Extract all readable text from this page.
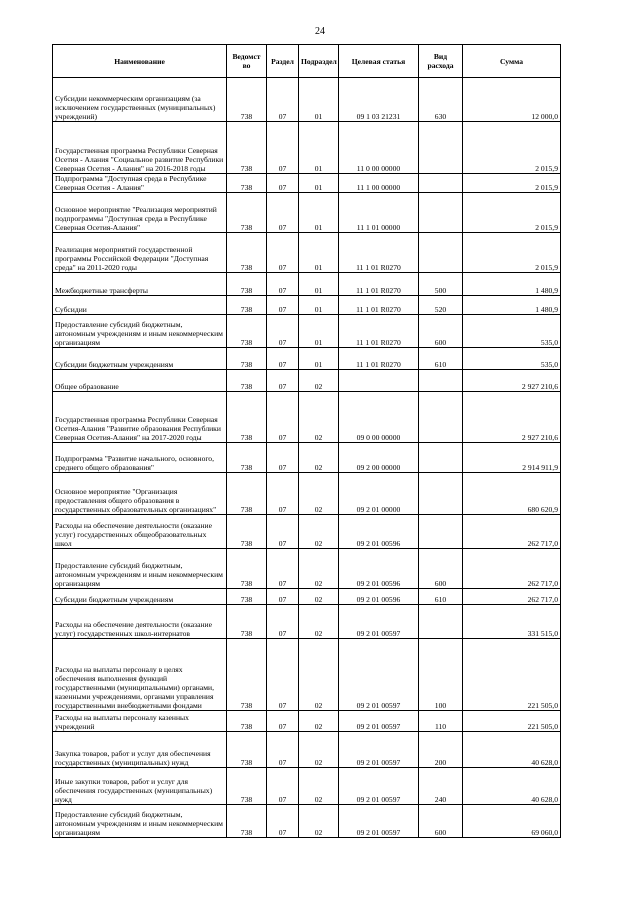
24
Наименование	Ведомст во	Раздел	Подраздел	Целевая статья	Вид расхода	Сумма
Субсидии некоммерческим организациям (за исключением государственных (муниципальных) учреждений)	738	07	01	09 1 03 21231	630	12 000,0
Государственная программа Республики Северная Осетия - Алания "Социальное развитие Республики Северная Осетия - Алания" на 2016-2018 годы	738	07	01	11 0 00 00000		2 015,9
Подпрограмма "Доступная среда в Республике Северная Осетия - Алания"	738	07	01	11 1 00 00000		2 015,9
Основное мероприятие "Реализация мероприятий подпрограммы "Доступная среда в Республике Северная Осетия-Алания"	738	07	01	11 1 01 00000		2 015,9
Реализация мероприятий государственной программы Российской Федерации "Доступная среда" на 2011-2020 годы	738	07	01	11 1 01 R0270		2 015,9
Межбюджетные трансферты	738	07	01	11 1 01 R0270	500	1 480,9
Субсидии	738	07	01	11 1 01 R0270	520	1 480,9
Предоставление субсидий бюджетным, автономным учреждениям и иным некоммерческим организациям	738	07	01	11 1 01 R0270	600	535,0
Субсидии бюджетным учреждениям	738	07	01	11 1 01 R0270	610	535,0
Общее образование	738	07	02			2 927 210,6
Государственная программа Республики Северная Осетия-Алания "Развитие образования Республики Северная Осетия-Алания" на 2017-2020 годы	738	07	02	09 0 00 00000		2 927 210,6
Подпрограмма "Развитие начального, основного, среднего общего образования"	738	07	02	09 2 00 00000		2 914 911,9
Основное мероприятие "Организация предоставления общего образования в государственных образовательных организациях"	738	07	02	09 2 01 00000		680 620,9
Расходы на обеспечение деятельности (оказание услуг) государственных общеобразовательных школ	738	07	02	09 2 01 00596		262 717,0
Предоставление субсидий бюджетным, автономным учреждениям и иным некоммерческим организациям	738	07	02	09 2 01 00596	600	262 717,0
Субсидии бюджетным учреждениям	738	07	02	09 2 01 00596	610	262 717,0
Расходы на обеспечение деятельности (оказание услуг) государственных школ-интернатов	738	07	02	09 2 01 00597		331 515,0
Расходы на выплаты персоналу в целях обеспечения выполнения функций государственными (муниципальными) органами, казенными учреждениями, органами управления государственными внебюджетными фондами	738	07	02	09 2 01 00597	100	221 505,0
Расходы на выплаты персоналу казенных учреждений	738	07	02	09 2 01 00597	110	221 505,0
Закупка товаров, работ и услуг для обеспечения государственных (муниципальных) нужд	738	07	02	09 2 01 00597	200	40 628,0
Иные закупки товаров, работ и услуг для обеспечения государственных (муниципальных) нужд	738	07	02	09 2 01 00597	240	40 628,0
Предоставление субсидий бюджетным, автономным учреждениям и иным некоммерческим организациям	738	07	02	09 2 01 00597	600	69 060,0
